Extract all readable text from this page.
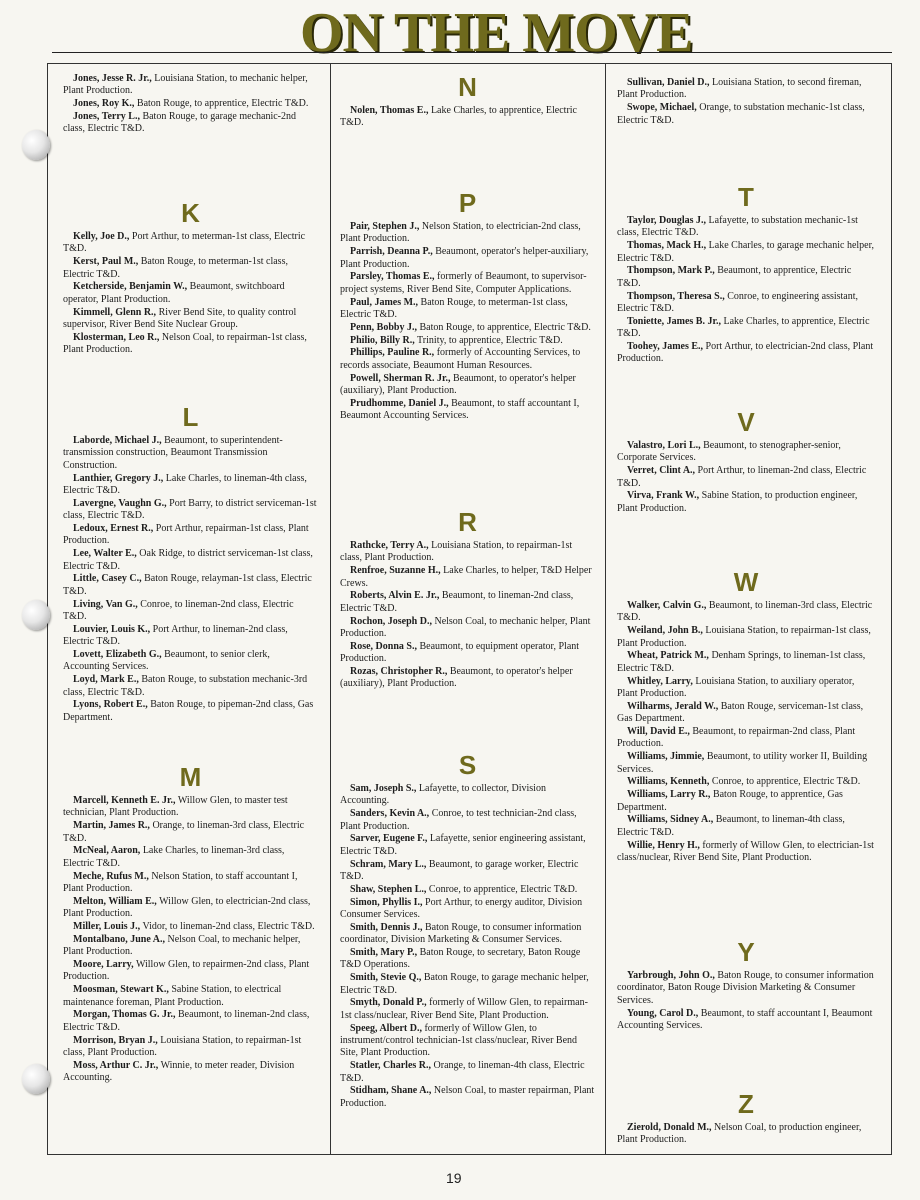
ON THE MOVE
Jones, Jesse R. Jr., Louisiana Station, to mechanic helper, Plant Production.
Jones, Roy K., Baton Rouge, to apprentice, Electric T&D.
Jones, Terry L., Baton Rouge, to garage mechanic-2nd class, Electric T&D.
K
Kelly, Joe D., Port Arthur, to meterman-1st class, Electric T&D.
Kerst, Paul M., Baton Rouge, to meterman-1st class, Electric T&D.
Ketcherside, Benjamin W., Beaumont, switchboard operator, Plant Production.
Kimmell, Glenn R., River Bend Site, to quality control supervisor, River Bend Site Nuclear Group.
Klosterman, Leo R., Nelson Coal, to repairman-1st class, Plant Production.
L
Laborde, Michael J., Beaumont, to superintendent-transmission construction, Beaumont Transmission Construction.
Lanthier, Gregory J., Lake Charles, to lineman-4th class, Electric T&D.
Lavergne, Vaughn G., Port Barry, to district serviceman-1st class, Electric T&D.
Ledoux, Ernest R., Port Arthur, repairman-1st class, Plant Production.
Lee, Walter E., Oak Ridge, to district serviceman-1st class, Electric T&D.
Little, Casey C., Baton Rouge, relayman-1st class, Electric T&D.
Living, Van G., Conroe, to lineman-2nd class, Electric T&D.
Louvier, Louis K., Port Arthur, to lineman-2nd class, Electric T&D.
Lovett, Elizabeth G., Beaumont, to senior clerk, Accounting Services.
Loyd, Mark E., Baton Rouge, to substation mechanic-3rd class, Electric T&D.
Lyons, Robert E., Baton Rouge, to pipeman-2nd class, Gas Department.
M
Marcell, Kenneth E. Jr., Willow Glen, to master test technician, Plant Production.
Martin, James R., Orange, to lineman-3rd class, Electric T&D.
McNeal, Aaron, Lake Charles, to lineman-3rd class, Electric T&D.
Meche, Rufus M., Nelson Station, to staff accountant I, Plant Production.
Melton, William E., Willow Glen, to electrician-2nd class, Plant Production.
Miller, Louis J., Vidor, to lineman-2nd class, Electric T&D.
Montalbano, June A., Nelson Coal, to mechanic helper, Plant Production.
Moore, Larry, Willow Glen, to repairmen-2nd class, Plant Production.
Moosman, Stewart K., Sabine Station, to electrical maintenance foreman, Plant Production.
Morgan, Thomas G. Jr., Beaumont, to lineman-2nd class, Electric T&D.
Morrison, Bryan J., Louisiana Station, to repairman-1st class, Plant Production.
Moss, Arthur C. Jr., Winnie, to meter reader, Division Accounting.
N
Nolen, Thomas E., Lake Charles, to apprentice, Electric T&D.
P
Pair, Stephen J., Nelson Station, to electrician-2nd class, Plant Production.
Parrish, Deanna P., Beaumont, operator's helper-auxiliary, Plant Production.
Parsley, Thomas E., formerly of Beaumont, to supervisor-project systems, River Bend Site, Computer Applications.
Paul, James M., Baton Rouge, to meterman-1st class, Electric T&D.
Penn, Bobby J., Baton Rouge, to apprentice, Electric T&D.
Philio, Billy R., Trinity, to apprentice, Electric T&D.
Phillips, Pauline R., formerly of Accounting Services, to records associate, Beaumont Human Resources.
Powell, Sherman R. Jr., Beaumont, to operator's helper (auxiliary), Plant Production.
Prudhomme, Daniel J., Beaumont, to staff accountant I, Beaumont Accounting Services.
R
Rathcke, Terry A., Louisiana Station, to repairman-1st class, Plant Production.
Renfroe, Suzanne H., Lake Charles, to helper, T&D Helper Crews.
Roberts, Alvin E. Jr., Beaumont, to lineman-2nd class, Electric T&D.
Rochon, Joseph D., Nelson Coal, to mechanic helper, Plant Production.
Rose, Donna S., Beaumont, to equipment operator, Plant Production.
Rozas, Christopher R., Beaumont, to operator's helper (auxiliary), Plant Production.
S
Sam, Joseph S., Lafayette, to collector, Division Accounting.
Sanders, Kevin A., Conroe, to test technician-2nd class, Plant Production.
Sarver, Eugene F., Lafayette, senior engineering assistant, Electric T&D.
Schram, Mary L., Beaumont, to garage worker, Electric T&D.
Shaw, Stephen L., Conroe, to apprentice, Electric T&D.
Simon, Phyllis I., Port Arthur, to energy auditor, Division Consumer Services.
Smith, Dennis J., Baton Rouge, to consumer information coordinator, Division Marketing & Consumer Services.
Smith, Mary P., Baton Rouge, to secretary, Baton Rouge T&D Operations.
Smith, Stevie Q., Baton Rouge, to garage mechanic helper, Electric T&D.
Smyth, Donald P., formerly of Willow Glen, to repairman-1st class/nuclear, River Bend Site, Plant Production.
Speeg, Albert D., formerly of Willow Glen, to instrument/control technician-1st class/nuclear, River Bend Site, Plant Production.
Statler, Charles R., Orange, to lineman-4th class, Electric T&D.
Stidham, Shane A., Nelson Coal, to master repairman, Plant Production.
Sullivan, Daniel D., Louisiana Station, to second fireman, Plant Production.
Swope, Michael, Orange, to substation mechanic-1st class, Electric T&D.
T
Taylor, Douglas J., Lafayette, to substation mechanic-1st class, Electric T&D.
Thomas, Mack H., Lake Charles, to garage mechanic helper, Electric T&D.
Thompson, Mark P., Beaumont, to apprentice, Electric T&D.
Thompson, Theresa S., Conroe, to engineering assistant, Electric T&D.
Toniette, James B. Jr., Lake Charles, to apprentice, Electric T&D.
Toohey, James E., Port Arthur, to electrician-2nd class, Plant Production.
V
Valastro, Lori L., Beaumont, to stenographer-senior, Corporate Services.
Verret, Clint A., Port Arthur, to lineman-2nd class, Electric T&D.
Virva, Frank W., Sabine Station, to production engineer, Plant Production.
W
Walker, Calvin G., Beaumont, to lineman-3rd class, Electric T&D.
Weiland, John B., Louisiana Station, to repairman-1st class, Plant Production.
Wheat, Patrick M., Denham Springs, to lineman-1st class, Electric T&D.
Whitley, Larry, Louisiana Station, to auxiliary operator, Plant Production.
Wilharms, Jerald W., Baton Rouge, serviceman-1st class, Gas Department.
Will, David E., Beaumont, to repairman-2nd class, Plant Production.
Williams, Jimmie, Beaumont, to utility worker II, Building Services.
Williams, Kenneth, Conroe, to apprentice, Electric T&D.
Williams, Larry R., Baton Rouge, to apprentice, Gas Department.
Williams, Sidney A., Beaumont, to lineman-4th class, Electric T&D.
Willie, Henry H., formerly of Willow Glen, to electrician-1st class/nuclear, River Bend Site, Plant Production.
Y
Yarbrough, John O., Baton Rouge, to consumer information coordinator, Baton Rouge Division Marketing & Consumer Services.
Young, Carol D., Beaumont, to staff accountant I, Beaumont Accounting Services.
Z
Zierold, Donald M., Nelson Coal, to production engineer, Plant Production.
19
